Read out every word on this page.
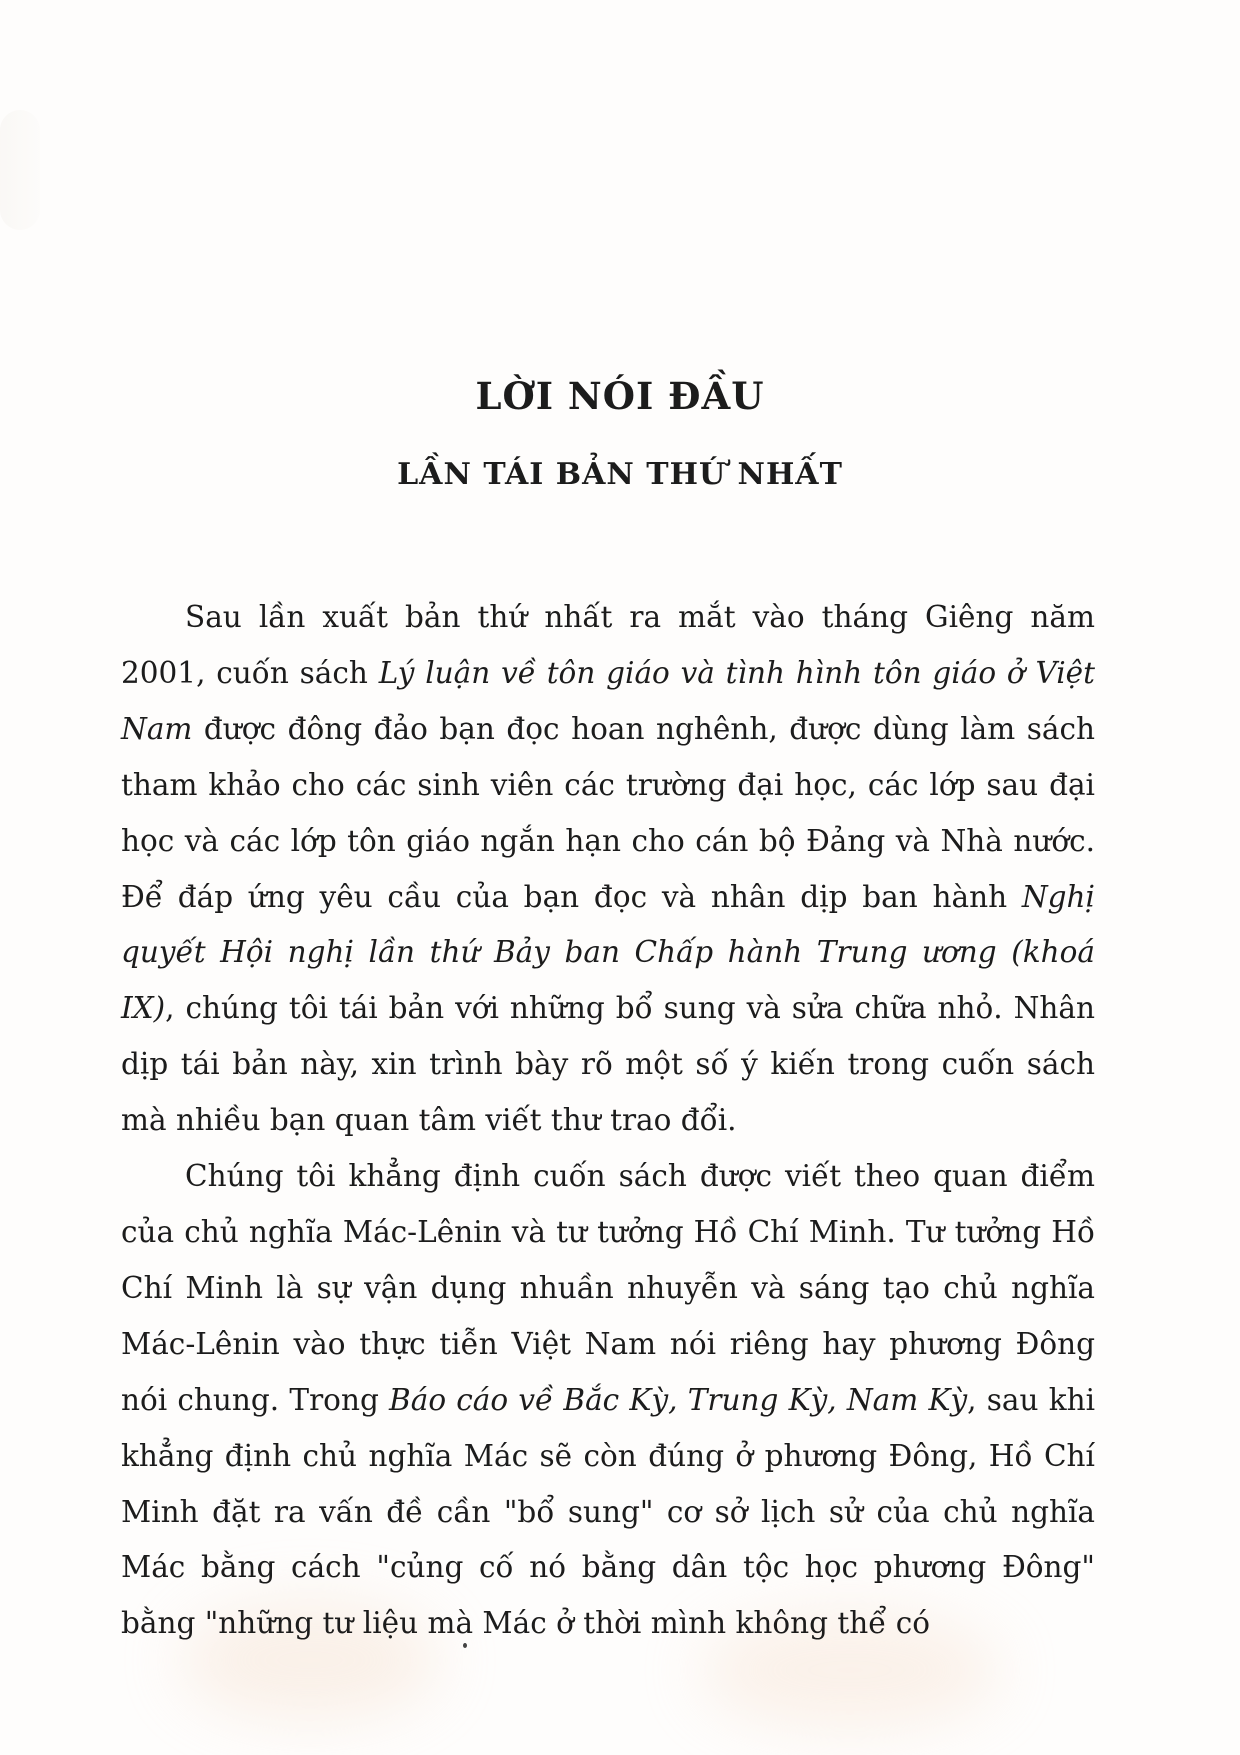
LỜI NÓI ĐẦU
LẦN TÁI BẢN THỨ NHẤT

Sau lần xuất bản thứ nhất ra mắt vào tháng Giêng năm 2001, cuốn sách Lý luận về tôn giáo và tình hình tôn giáo ở Việt Nam được đông đảo bạn đọc hoan nghênh, được dùng làm sách tham khảo cho các sinh viên các trường đại học, các lớp sau đại học và các lớp tôn giáo ngắn hạn cho cán bộ Đảng và Nhà nước. Để đáp ứng yêu cầu của bạn đọc và nhân dịp ban hành Nghị quyết Hội nghị lần thứ Bảy ban Chấp hành Trung ương (khoá IX), chúng tôi tái bản với những bổ sung và sửa chữa nhỏ. Nhân dịp tái bản này, xin trình bày rõ một số ý kiến trong cuốn sách mà nhiều bạn quan tâm viết thư trao đổi.

Chúng tôi khẳng định cuốn sách được viết theo quan điểm của chủ nghĩa Mác-Lênin và tư tưởng Hồ Chí Minh. Tư tưởng Hồ Chí Minh là sự vận dụng nhuần nhuyễn và sáng tạo chủ nghĩa Mác-Lênin vào thực tiễn Việt Nam nói riêng hay phương Đông nói chung. Trong Báo cáo về Bắc Kỳ, Trung Kỳ, Nam Kỳ, sau khi khẳng định chủ nghĩa Mác sẽ còn đúng ở phương Đông, Hồ Chí Minh đặt ra vấn đề cần "bổ sung" cơ sở lịch sử của chủ nghĩa Mác bằng cách "củng cố nó bằng dân tộc học phương Đông" bằng "những tư liệu mà Mác ở thời mình không thể có
